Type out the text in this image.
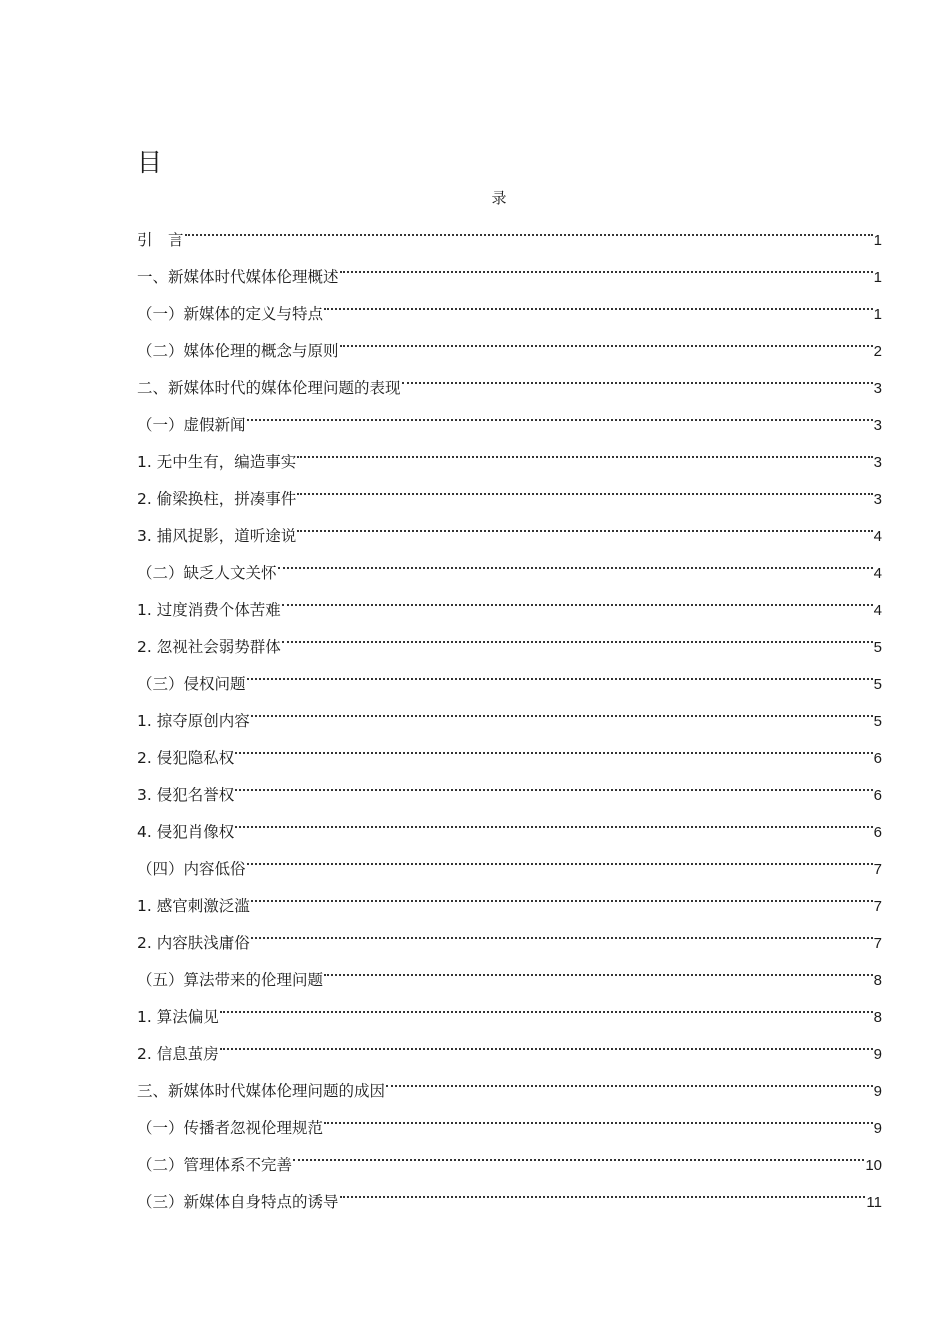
目
录
引　言	1
一、新媒体时代媒体伦理概述	1
（一）新媒体的定义与特点	1
（二）媒体伦理的概念与原则	2
二、新媒体时代的媒体伦理问题的表现	3
（一）虚假新闻	3
1. 无中生有，编造事实	3
2. 偷梁换柱，拼凑事件	3
3. 捕风捉影，道听途说	4
（二）缺乏人文关怀	4
1. 过度消费个体苦难	4
2. 忽视社会弱势群体	5
（三）侵权问题	5
1. 掠夺原创内容	5
2. 侵犯隐私权	6
3. 侵犯名誉权	6
4. 侵犯肖像权	6
（四）内容低俗	7
1. 感官刺激泛滥	7
2. 内容肤浅庸俗	7
（五）算法带来的伦理问题	8
1. 算法偏见	8
2. 信息茧房	9
三、新媒体时代媒体伦理问题的成因	9
（一）传播者忽视伦理规范	9
（二）管理体系不完善	10
（三）新媒体自身特点的诱导	11
